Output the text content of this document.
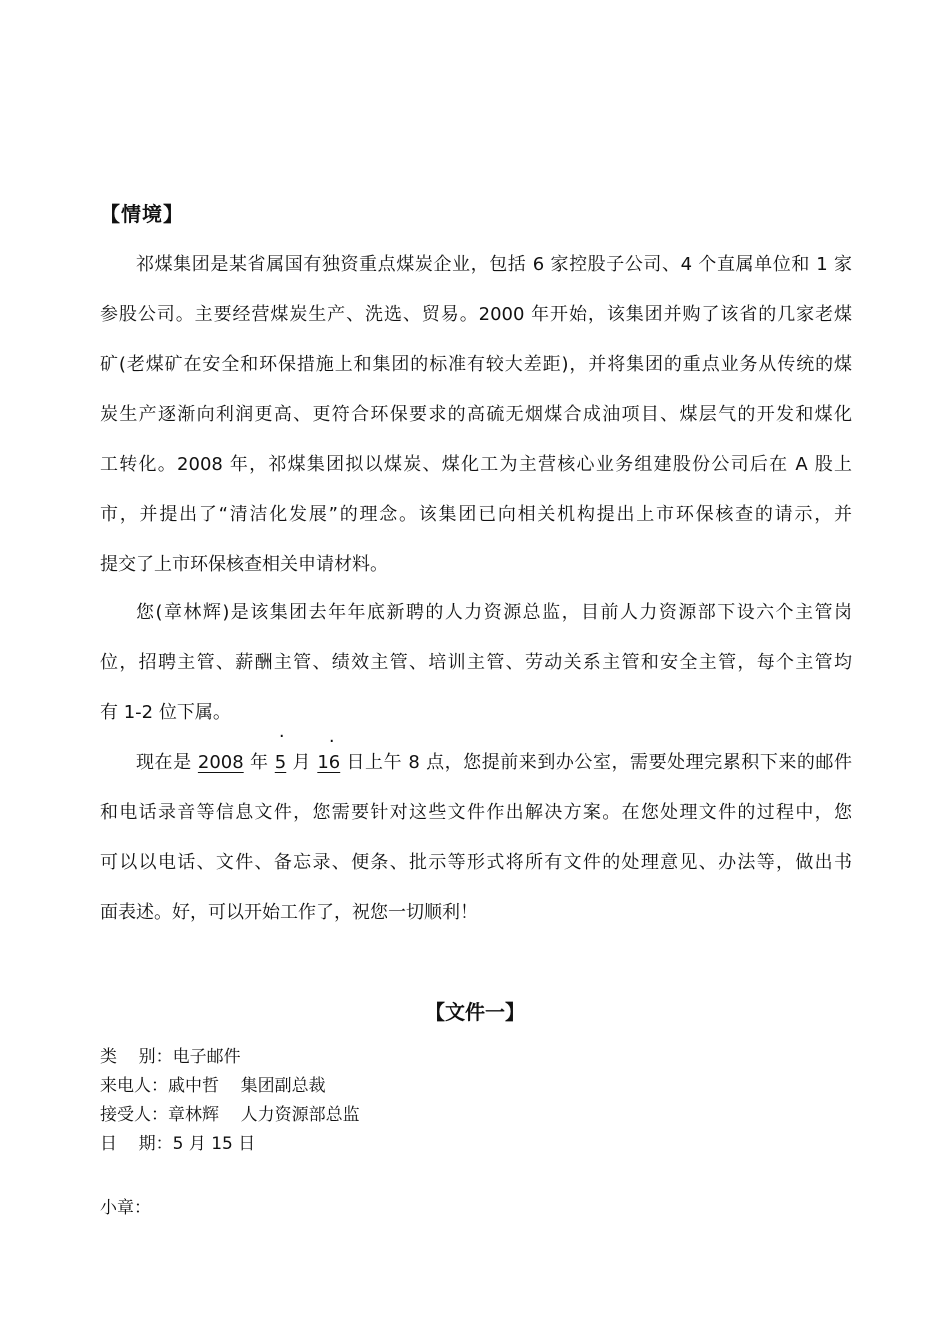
【情境】
祁煤集团是某省属国有独资重点煤炭企业，包括 6 家控股子公司、4 个直属单位和 1 家
参股公司。主要经营煤炭生产、洗选、贸易。2000 年开始，该集团并购了该省的几家老煤
矿(老煤矿在安全和环保措施上和集团的标准有较大差距)，并将集团的重点业务从传统的煤
炭生产逐渐向利润更高、更符合环保要求的高硫无烟煤合成油项目、煤层气的开发和煤化
工转化。2008 年，祁煤集团拟以煤炭、煤化工为主营核心业务组建股份公司后在 A 股上
市，并提出了“清洁化发展”的理念。该集团已向相关机构提出上市环保核查的请示，并
提交了上市环保核查相关申请材料。
您(章林辉)是该集团去年年底新聘的人力资源总监，目前人力资源部下设六个主管岗
位，招聘主管、薪酬主管、绩效主管、培训主管、劳动关系主管和安全主管，每个主管均
有 1-2 位下属。
· .
现在是 2008 年 5 月 16 日上午 8 点，您提前来到办公室，需要处理完累积下来的邮件
和电话录音等信息文件，您需要针对这些文件作出解决方案。在您处理文件的过程中，您
可以以电话、文件、备忘录、便条、批示等形式将所有文件的处理意见、办法等，做出书
面表述。好，可以开始工作了，祝您一切顺利！
【文件一】
类    别：电子邮件
来电人：戚中哲    集团副总裁
接受人：章林辉    人力资源部总监
日    期：5 月 15 日
小章：
